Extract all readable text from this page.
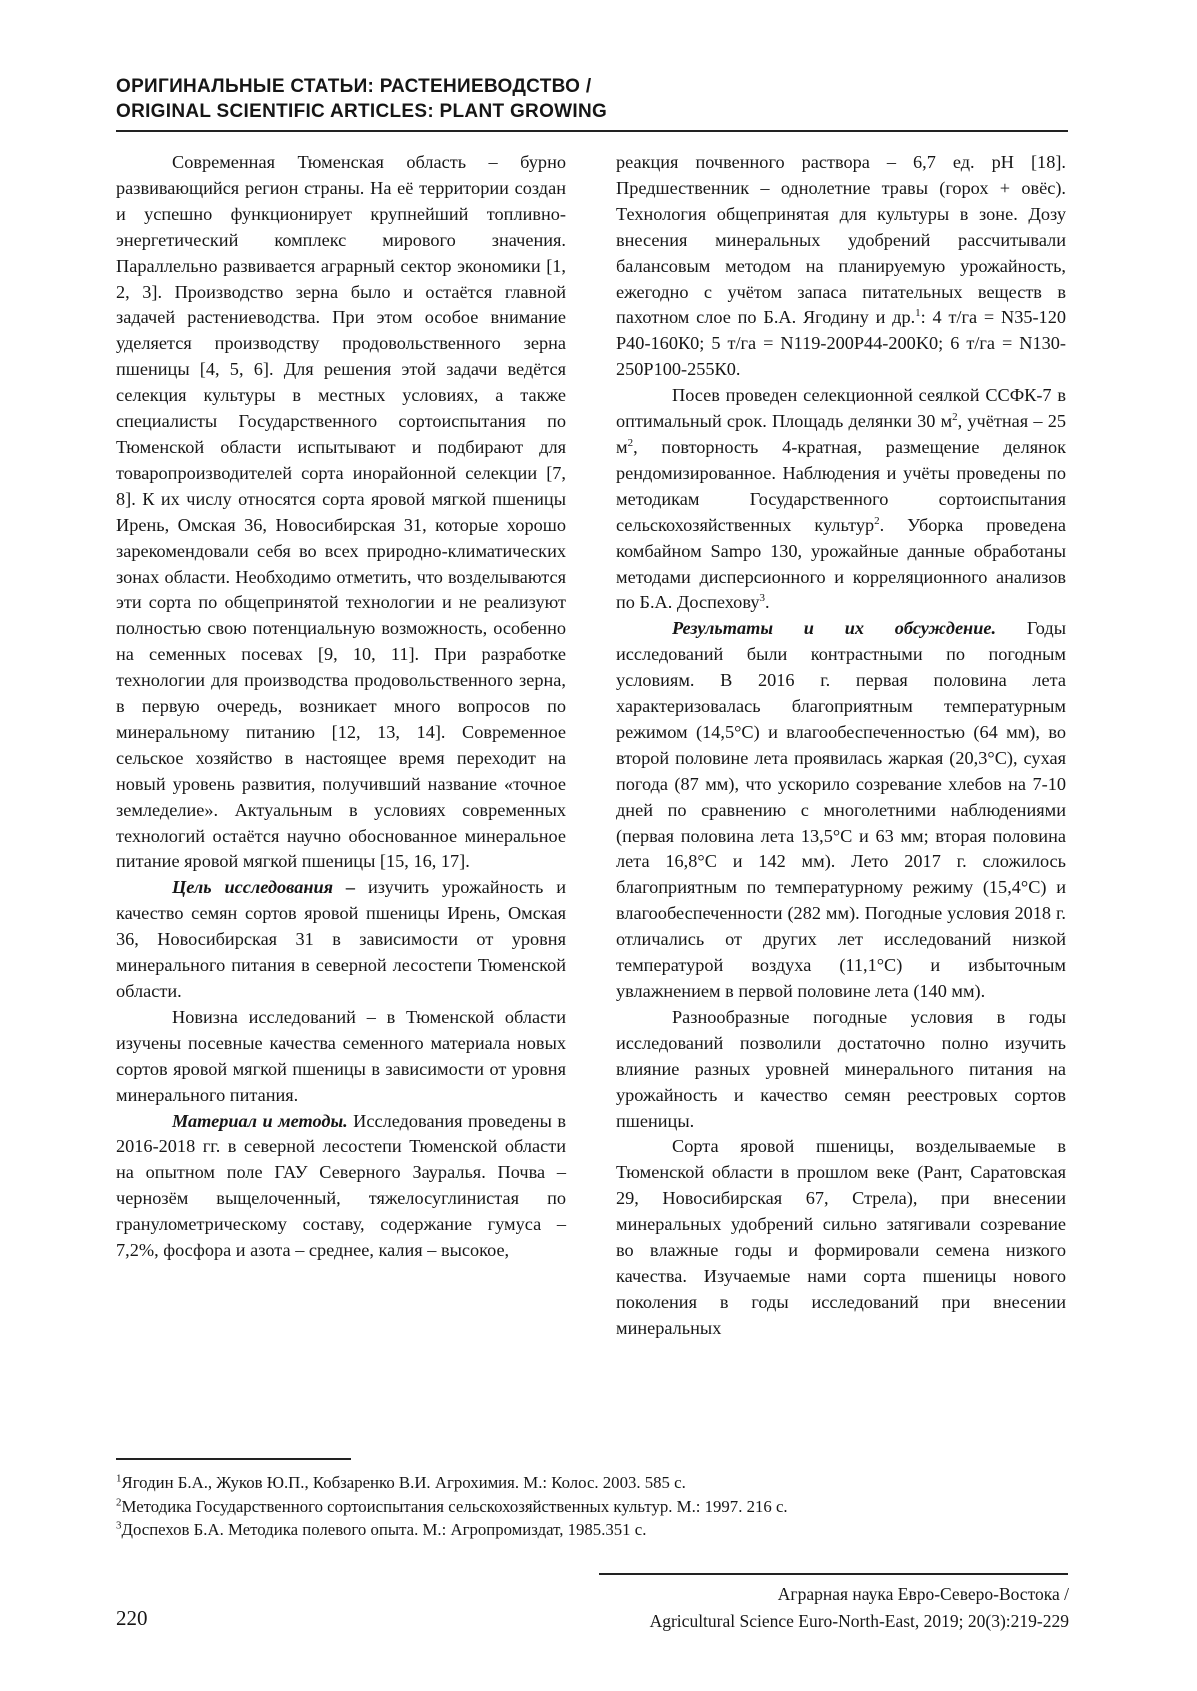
ОРИГИНАЛЬНЫЕ СТАТЬИ: РАСТЕНИЕВОДСТВО /
ORIGINAL SCIENTIFIC ARTICLES: PLANT GROWING

Современная Тюменская область – бурно развивающийся регион страны. На её территории создан и успешно функционирует крупнейший топливно-энергетический комплекс мирового значения. Параллельно развивается аграрный сектор экономики [1, 2, 3]. Производство зерна было и остаётся главной задачей растениеводства. При этом особое внимание уделяется производству продовольственного зерна пшеницы [4, 5, 6]. Для решения этой задачи ведётся селекция культуры в местных условиях, а также специалисты Государственного сортоиспытания по Тюменской области испытывают и подбирают для товаропроизводителей сорта инорайонной селекции [7, 8]. К их числу относятся сорта яровой мягкой пшеницы Ирень, Омская 36, Новосибирская 31, которые хорошо зарекомендовали себя во всех природно-климатических зонах области. Необходимо отметить, что возделываются эти сорта по общепринятой технологии и не реализуют полностью свою потенциальную возможность, особенно на семенных посевах [9, 10, 11]. При разработке технологии для производства продовольственного зерна, в первую очередь, возникает много вопросов по минеральному питанию [12, 13, 14]. Современное сельское хозяйство в настоящее время переходит на новый уровень развития, получивший название «точное земледелие». Актуальным в условиях современных технологий остаётся научно обоснованное минеральное питание яровой мягкой пшеницы [15, 16, 17].

Цель исследования – изучить урожайность и качество семян сортов яровой пшеницы Ирень, Омская 36, Новосибирская 31 в зависимости от уровня минерального питания в северной лесостепи Тюменской области.

Новизна исследований – в Тюменской области изучены посевные качества семенного материала новых сортов яровой мягкой пшеницы в зависимости от уровня минерального питания.

Материал и методы. Исследования проведены в 2016-2018 гг. в северной лесостепи Тюменской области на опытном поле ГАУ Северного Зауралья. Почва – чернозём выщелоченный, тяжелосуглинистая по гранулометрическому составу, содержание гумуса – 7,2%, фосфора и азота – среднее, калия – высокое,

реакция почвенного раствора – 6,7 ед. рН [18]. Предшественник – однолетние травы (горох + овёс). Технология общепринятая для культуры в зоне. Дозу внесения минеральных удобрений рассчитывали балансовым методом на планируемую урожайность, ежегодно с учётом запаса питательных веществ в пахотном слое по Б.А. Ягодину и др.$^1$: 4 т/га = N35-120 Р40-160К0; 5 т/га = N119-200P44-200K0; 6 т/га = N130-250Р100-255К0.

Посев проведен селекционной сеялкой ССФК-7 в оптимальный срок. Площадь делянки 30 $м^2$, учётная – 25 $м^2$, повторность 4-кратная, размещение делянок рендомизированное. Наблюдения и учёты проведены по методикам Государственного сортоиспытания сельскохозяйственных культур$^2$. Уборка проведена комбайном Sampo 130, урожайные данные обработаны методами дисперсионного и корреляционного анализов по Б.А. Доспехову$^3$.

Результаты и их обсуждение. Годы исследований были контрастными по погодным условиям. В 2016 г. первая половина лета характеризовалась благоприятным температурным режимом (14,5°С) и влагообеспеченностью (64 мм), во второй половине лета проявилась жаркая (20,3°С), сухая погода (87 мм), что ускорило созревание хлебов на 7-10 дней по сравнению с многолетними наблюдениями (первая половина лета 13,5°С и 63 мм; вторая половина лета 16,8°С и 142 мм). Лето 2017 г. сложилось благоприятным по температурному режиму (15,4°С) и влагообеспеченности (282 мм). Погодные условия 2018 г. отличались от других лет исследований низкой температурой воздуха (11,1°С) и избыточным увлажнением в первой половине лета (140 мм).

Разнообразные погодные условия в годы исследований позволили достаточно полно изучить влияние разных уровней минерального питания на урожайность и качество семян реестровых сортов пшеницы.

Сорта яровой пшеницы, возделываемые в Тюменской области в прошлом веке (Рант, Саратовская 29, Новосибирская 67, Стрела), при внесении минеральных удобрений сильно затягивали созревание во влажные годы и формировали семена низкого качества. Изучаемые нами сорта пшеницы нового поколения в годы исследований при внесении минеральных

$^1$Ягодин Б.А., Жуков Ю.П., Кобзаренко В.И. Агрохимия. М.: Колос. 2003. 585 с.
$^2$Методика Государственного сортоиспытания сельскохозяйственных культур. М.: 1997. 216 с.
$^3$Доспехов Б.А. Методика полевого опыта. М.: Агропромиздат, 1985.351 с.
Аграрная наука Евро-Северо-Востока /
Agricultural Science Euro-North-East, 2019; 20(3):219-229
220
